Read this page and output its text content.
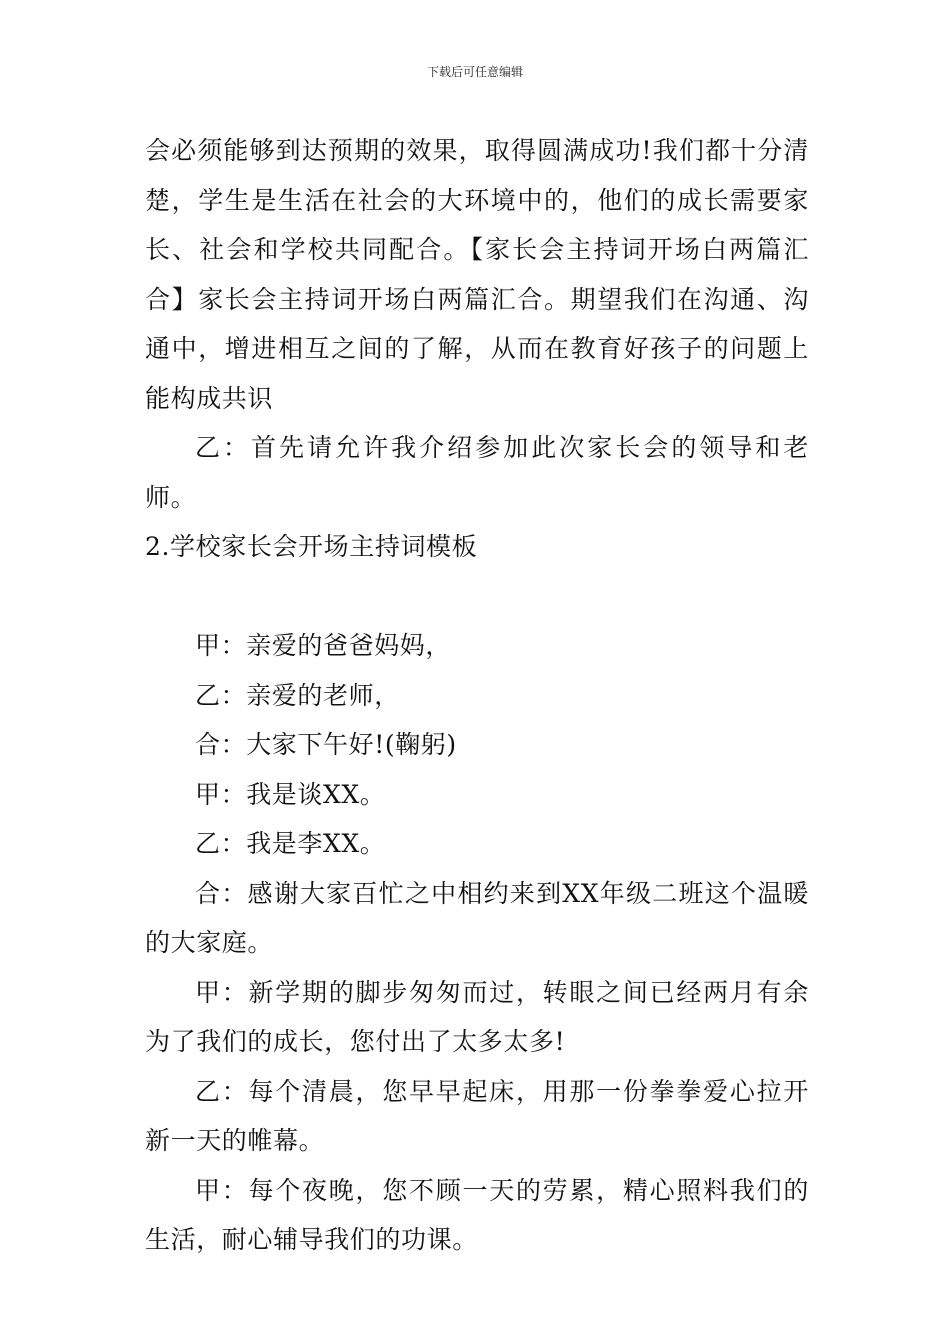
下载后可任意编辑

会必须能够到达预期的效果，取得圆满成功!我们都十分清楚，学生是生活在社会的大环境中的，他们的成长需要家长、社会和学校共同配合。【家长会主持词开场白两篇汇合】家长会主持词开场白两篇汇合。期望我们在沟通、沟通中，增进相互之间的了解，从而在教育好孩子的问题上能构成共识

乙：首先请允许我介绍参加此次家长会的领导和老师。

2.学校家长会开场主持词模板

甲：亲爱的爸爸妈妈，

乙：亲爱的老师，

合：大家下午好!(鞠躬)

甲：我是谈XX。

乙：我是李XX。

合：感谢大家百忙之中相约来到XX年级二班这个温暖的大家庭。

甲：新学期的脚步匆匆而过，转眼之间已经两月有余为了我们的成长，您付出了太多太多!

乙：每个清晨，您早早起床，用那一份拳拳爱心拉开新一天的帷幕。

甲：每个夜晚，您不顾一天的劳累，精心照料我们的生活，耐心辅导我们的功课。
